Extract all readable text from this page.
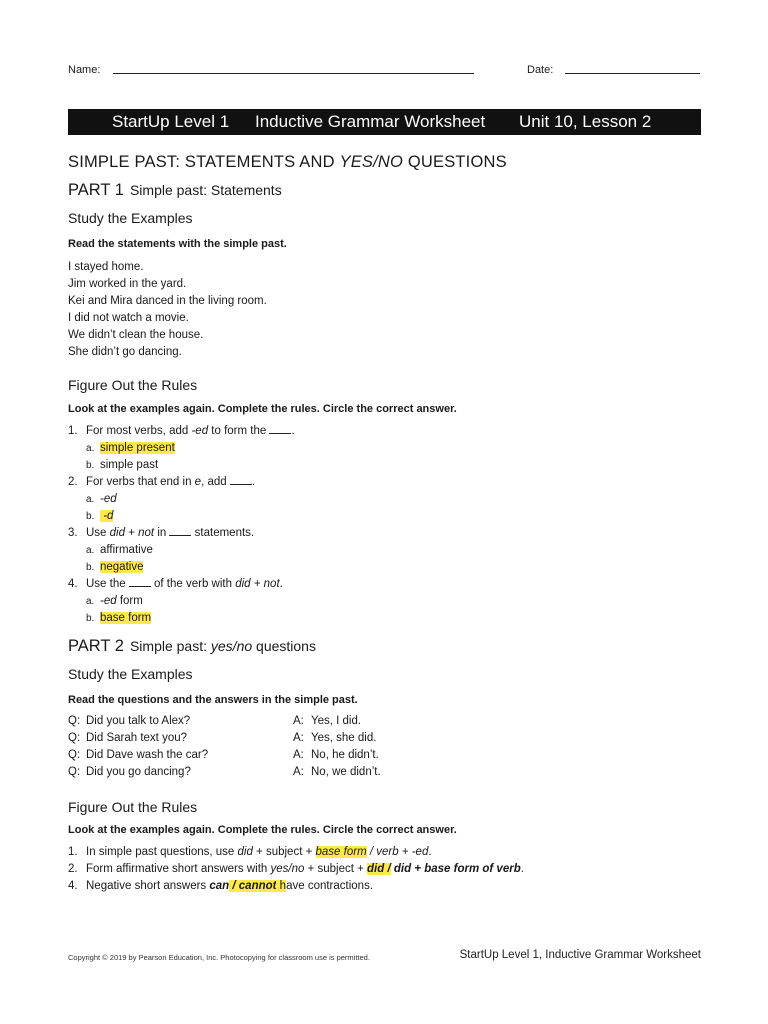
Name:	Date:
StartUp Level 1 Inductive Grammar Worksheet Unit 10, Lesson 2
SIMPLE PAST: STATEMENTS AND YES/NO QUESTIONS
PART 1 Simple past: Statements
Study the Examples
Read the statements with the simple past.
I stayed home.
Jim worked in the yard.
Kei and Mira danced in the living room.
I did not watch a movie.
We didn’t clean the house.
She didn’t go dancing.
Figure Out the Rules
Look at the examples again. Complete the rules. Circle the correct answer.
1. For most verbs, add -ed to form the .
a. simple present
b. simple past
2. For verbs that end in e, add .
a. -ed
b. -d
3. Use did + not in  statements.
a. affirmative
b. negative
4. Use the  of the verb with did + not.
a. -ed form
b. base form
PART 2 Simple past: yes/no questions
Study the Examples
Read the questions and the answers in the simple past.
Q: Did you talk to Alex?	A: Yes, I did.
Q: Did Sarah text you?	A: Yes, she did.
Q: Did Dave wash the car?	A: No, he didn’t.
Q: Did you go dancing?	A: No, we didn’t.
Figure Out the Rules
Look at the examples again. Complete the rules. Circle the correct answer.
1. In simple past questions, use did + subject + base form / verb + -ed.
2. Form affirmative short answers with yes/no + subject + did / did + base form of verb.
4. Negative short answers can / cannot have contractions.
Copyright © 2019 by Pearson Education, Inc. Photocopying for classroom use is permitted.	StartUp Level 1, Inductive Grammar Worksheet
